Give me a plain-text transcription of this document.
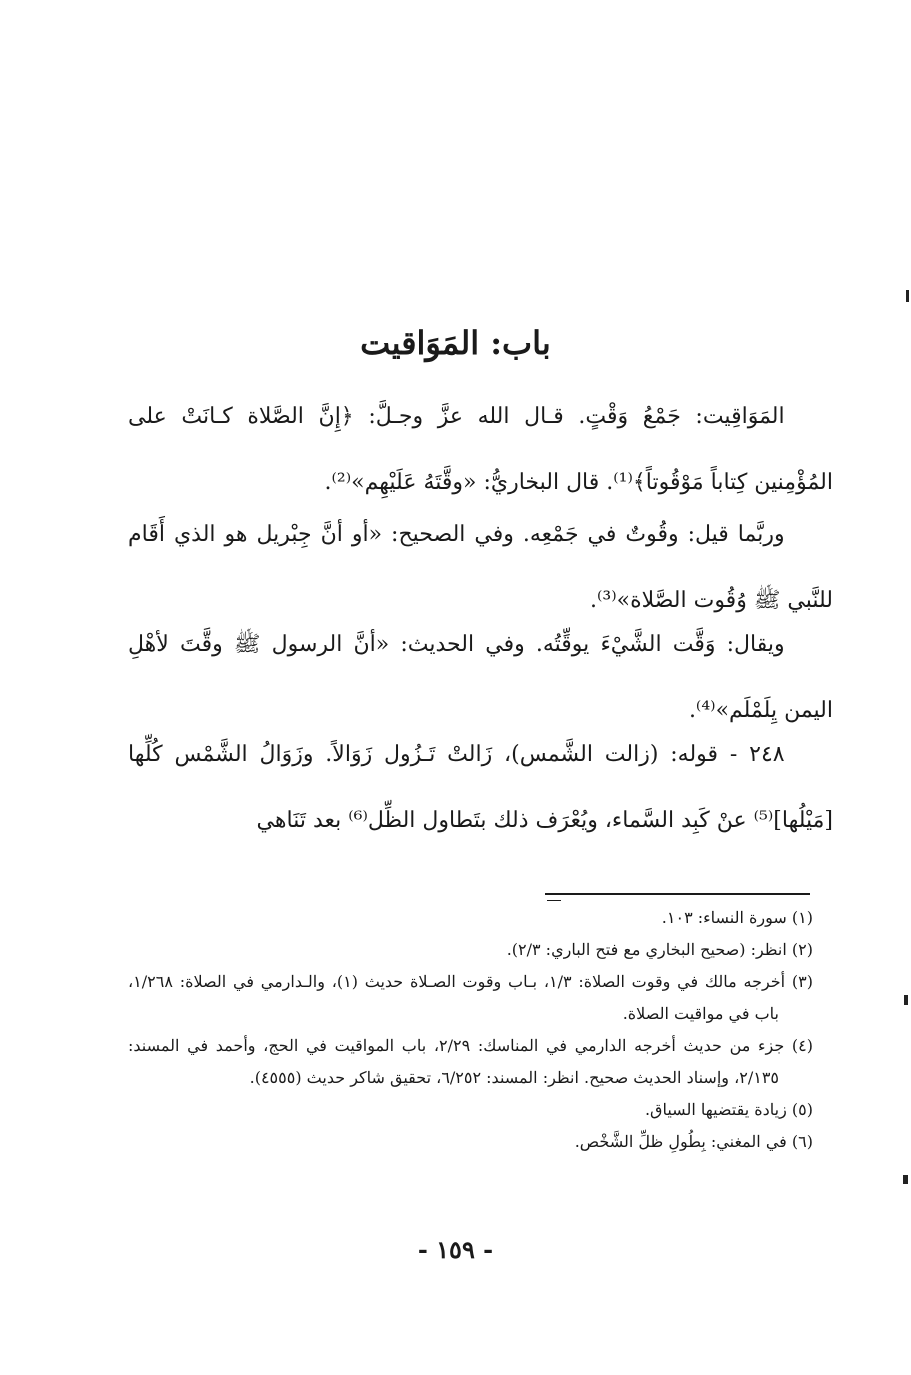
باب: المَوَاقيت

المَوَاقِيت: جَمْعُ وَقْتٍ. قـال الله عزَّ وجـلَّ: ﴿إِنَّ الصَّلاة كـانَتْ على المُؤْمِنين كِتاباً مَوْقُوتاً﴾⁽¹⁾. قال البخاريُّ: «وقَّتَهُ عَلَيْهِم»⁽²⁾.

وربَّما قيل: وقُوتٌ في جَمْعِه. وفي الصحيح: «أو أنَّ جِبْريل هو الذي أَقَام للنَّبي ﷺ وُقُوت الصَّلاة»⁽³⁾.

ويقال: وَقَّت الشَّيْءَ يوقِّتُه. وفي الحديث: «أنَّ الرسول ﷺ وقَّتَ لأهْلِ اليمن يِلَمْلَم»⁽⁴⁾.

٢٤٨ - قوله: (زالت الشَّمس)، زَالتْ تَـزُول زَوَالاً. وزَوَالُ الشَّمْس كُلِّها [مَيْلُها]⁽⁵⁾ عنْ كَبِد السَّماء، ويُعْرَف ذلك بتَطاول الظِّل⁽⁶⁾ بعد تَنَاهي

(١) سورة النساء: ١٠٣.

(٢) انظر: (صحيح البخاري مع فتح الباري: ٢/٣).

(٣) أخرجه مالك في وقوت الصلاة: ١/٣، بـاب وقوت الصـلاة حديث (١)، والـدارمي في الصلاة: ١/٢٦٨، باب في مواقيت الصلاة.

(٤) جزء من حديث أخرجه الدارمي في المناسك: ٢/٢٩، باب المواقيت في الحج، وأحمد في المسند: ٢/١٣٥، وإسناد الحديث صحيح. انظر: المسند: ٦/٢٥٢، تحقيق شاكر حديث (٤٥٥٥).

(٥) زيادة يقتضيها السياق.

(٦) في المغني: بِطُولِ ظلِّ الشَّخْص.

- ١٥٩ -
